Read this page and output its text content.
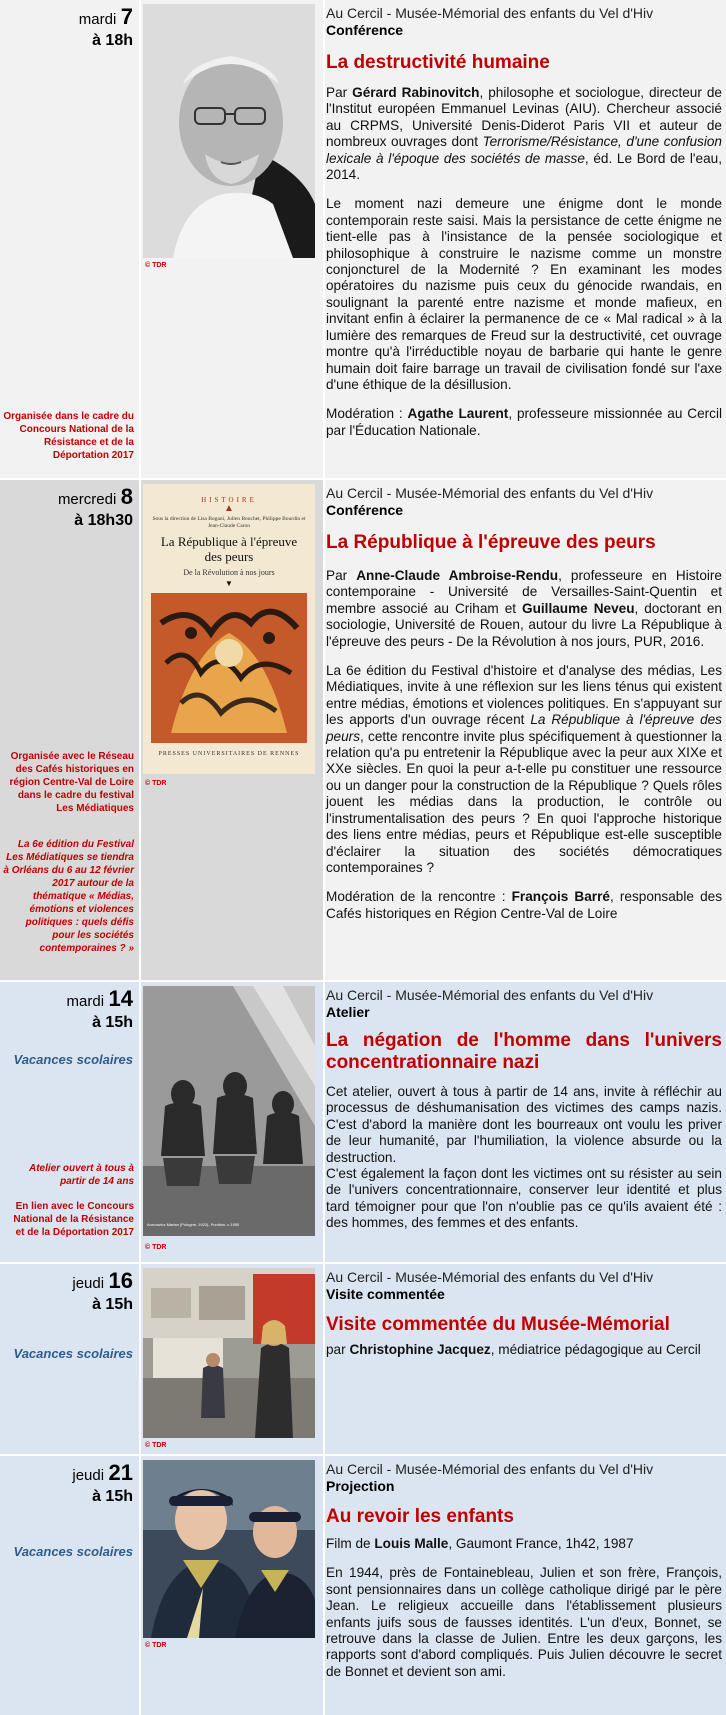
mardi 7
à 18h
Organisée dans le cadre du Concours National de la Résistance et de la Déportation 2017
© TDR
Au Cercil - Musée-Mémorial des enfants du Vel d'Hiv
Conférence
La destructivité humaine

Par Gérard Rabinovitch, philosophe et sociologue, directeur de l'Institut européen Emmanuel Levinas (AIU). Chercheur associé au CRPMS, Université Denis-Diderot Paris VII et auteur de nombreux ouvrages dont Terrorisme/Résistance, d'une confusion lexicale à l'époque des sociétés de masse, éd. Le Bord de l'eau, 2014.

Le moment nazi demeure une énigme dont le monde contemporain reste saisi. Mais la persistance de cette énigme ne tient-elle pas à l'insistance de la pensée sociologique et philosophique à construire le nazisme comme un monstre conjoncturel de la Modernité ? En examinant les modes opératoires du nazisme puis ceux du génocide rwandais, en soulignant la parenté entre nazisme et monde mafieux, en invitant enfin à éclairer la permanence de ce « Mal radical » à la lumière des remarques de Freud sur la destructivité, cet ouvrage montre qu'à l'irréductible noyau de barbarie qui hante le genre humain doit faire barrage un travail de civilisation fondé sur l'axe d'une éthique de la désillusion.

Modération : Agathe Laurent, professeure missionnée au Cercil par l'Éducation Nationale.

mercredi 8
à 18h30
Organisée avec le Réseau des Cafés historiques en région Centre-Val de Loire dans le cadre du festival Les Médiatiques
La 6e édition du Festival Les Médiatiques se tiendra à Orléans du 6 au 12 février 2017 autour de la thématique « Médias, émotions et violences politiques : quels défis pour les sociétés contemporaines ? »
HISTOIRE
▲
Sous la direction de Lisa Bogani, Julien Bouchet, Philippe Bourdin et Jean-Claude Caron
La République à l'épreuve des peurs
De la Révolution à nos jours
▼
PRESSES UNIVERSITAIRES DE RENNES
© TDR
Au Cercil - Musée-Mémorial des enfants du Vel d'Hiv
Conférence
La République à l'épreuve des peurs

Par Anne-Claude Ambroise-Rendu, professeure en Histoire contemporaine - Université de Versailles-Saint-Quentin et membre associé au Criham et Guillaume Neveu, doctorant en sociologie, Université de Rouen, autour du livre La République à l'épreuve des peurs - De la Révolution à nos jours, PUR, 2016.

La 6e édition du Festival d'histoire et d'analyse des médias, Les Médiatiques, invite à une réflexion sur les liens ténus qui existent entre médias, émotions et violences politiques. En s'appuyant sur les apports d'un ouvrage récent La République à l'épreuve des peurs, cette rencontre invite plus spécifiquement à questionner la relation qu'a pu entretenir la République avec la peur aux XIXe et XXe siècles. En quoi la peur a-t-elle pu constituer une ressource ou un danger pour la construction de la République ? Quels rôles jouent les médias dans la production, le contrôle ou l'instrumentalisation des peurs ? En quoi l'approche historique des liens entre médias, peurs et République est-elle susceptible d'éclairer la situation des sociétés démocratiques contemporaines ?

Modération de la rencontre : François Barré, responsable des Cafés historiques en Région Centre-Val de Loire

mardi 14
à 15h
Vacances scolaires
Atelier ouvert à tous à partir de 14 ans
En lien avec le Concours National de la Résistance et de la Déportation 2017
Aronowicz Marian (Pologne, 1923), Punition, c.1950
© TDR
Au Cercil - Musée-Mémorial des enfants du Vel d'Hiv
Atelier
La négation de l'homme dans l'univers concentrationnaire nazi

Cet atelier, ouvert à tous à partir de 14 ans, invite à réfléchir au processus de déshumanisation des victimes des camps nazis. C'est d'abord la manière dont les bourreaux ont voulu les priver de leur humanité, par l'humiliation, la violence absurde ou la destruction.

C'est également la façon dont les victimes ont su résister au sein de l'univers concentrationnaire, conserver leur identité et plus tard témoigner pour que l'on n'oublie pas ce qu'ils avaient été : des hommes, des femmes et des enfants.

jeudi 16
à 15h
Vacances scolaires
© TDR
Au Cercil - Musée-Mémorial des enfants du Vel d'Hiv
Visite commentée
Visite commentée du Musée-Mémorial

par Christophine Jacquez, médiatrice pédagogique au Cercil

jeudi 21
à 15h
Vacances scolaires
© TDR
Au Cercil - Musée-Mémorial des enfants du Vel d'Hiv
Projection
Au revoir les enfants

Film de Louis Malle, Gaumont France, 1h42, 1987

En 1944, près de Fontainebleau, Julien et son frère, François, sont pensionnaires dans un collège catholique dirigé par le père Jean. Le religieux accueille dans l'établissement plusieurs enfants juifs sous de fausses identités. L'un d'eux, Bonnet, se retrouve dans la classe de Julien. Entre les deux garçons, les rapports sont d'abord compliqués. Puis Julien découvre le secret de Bonnet et devient son ami.
